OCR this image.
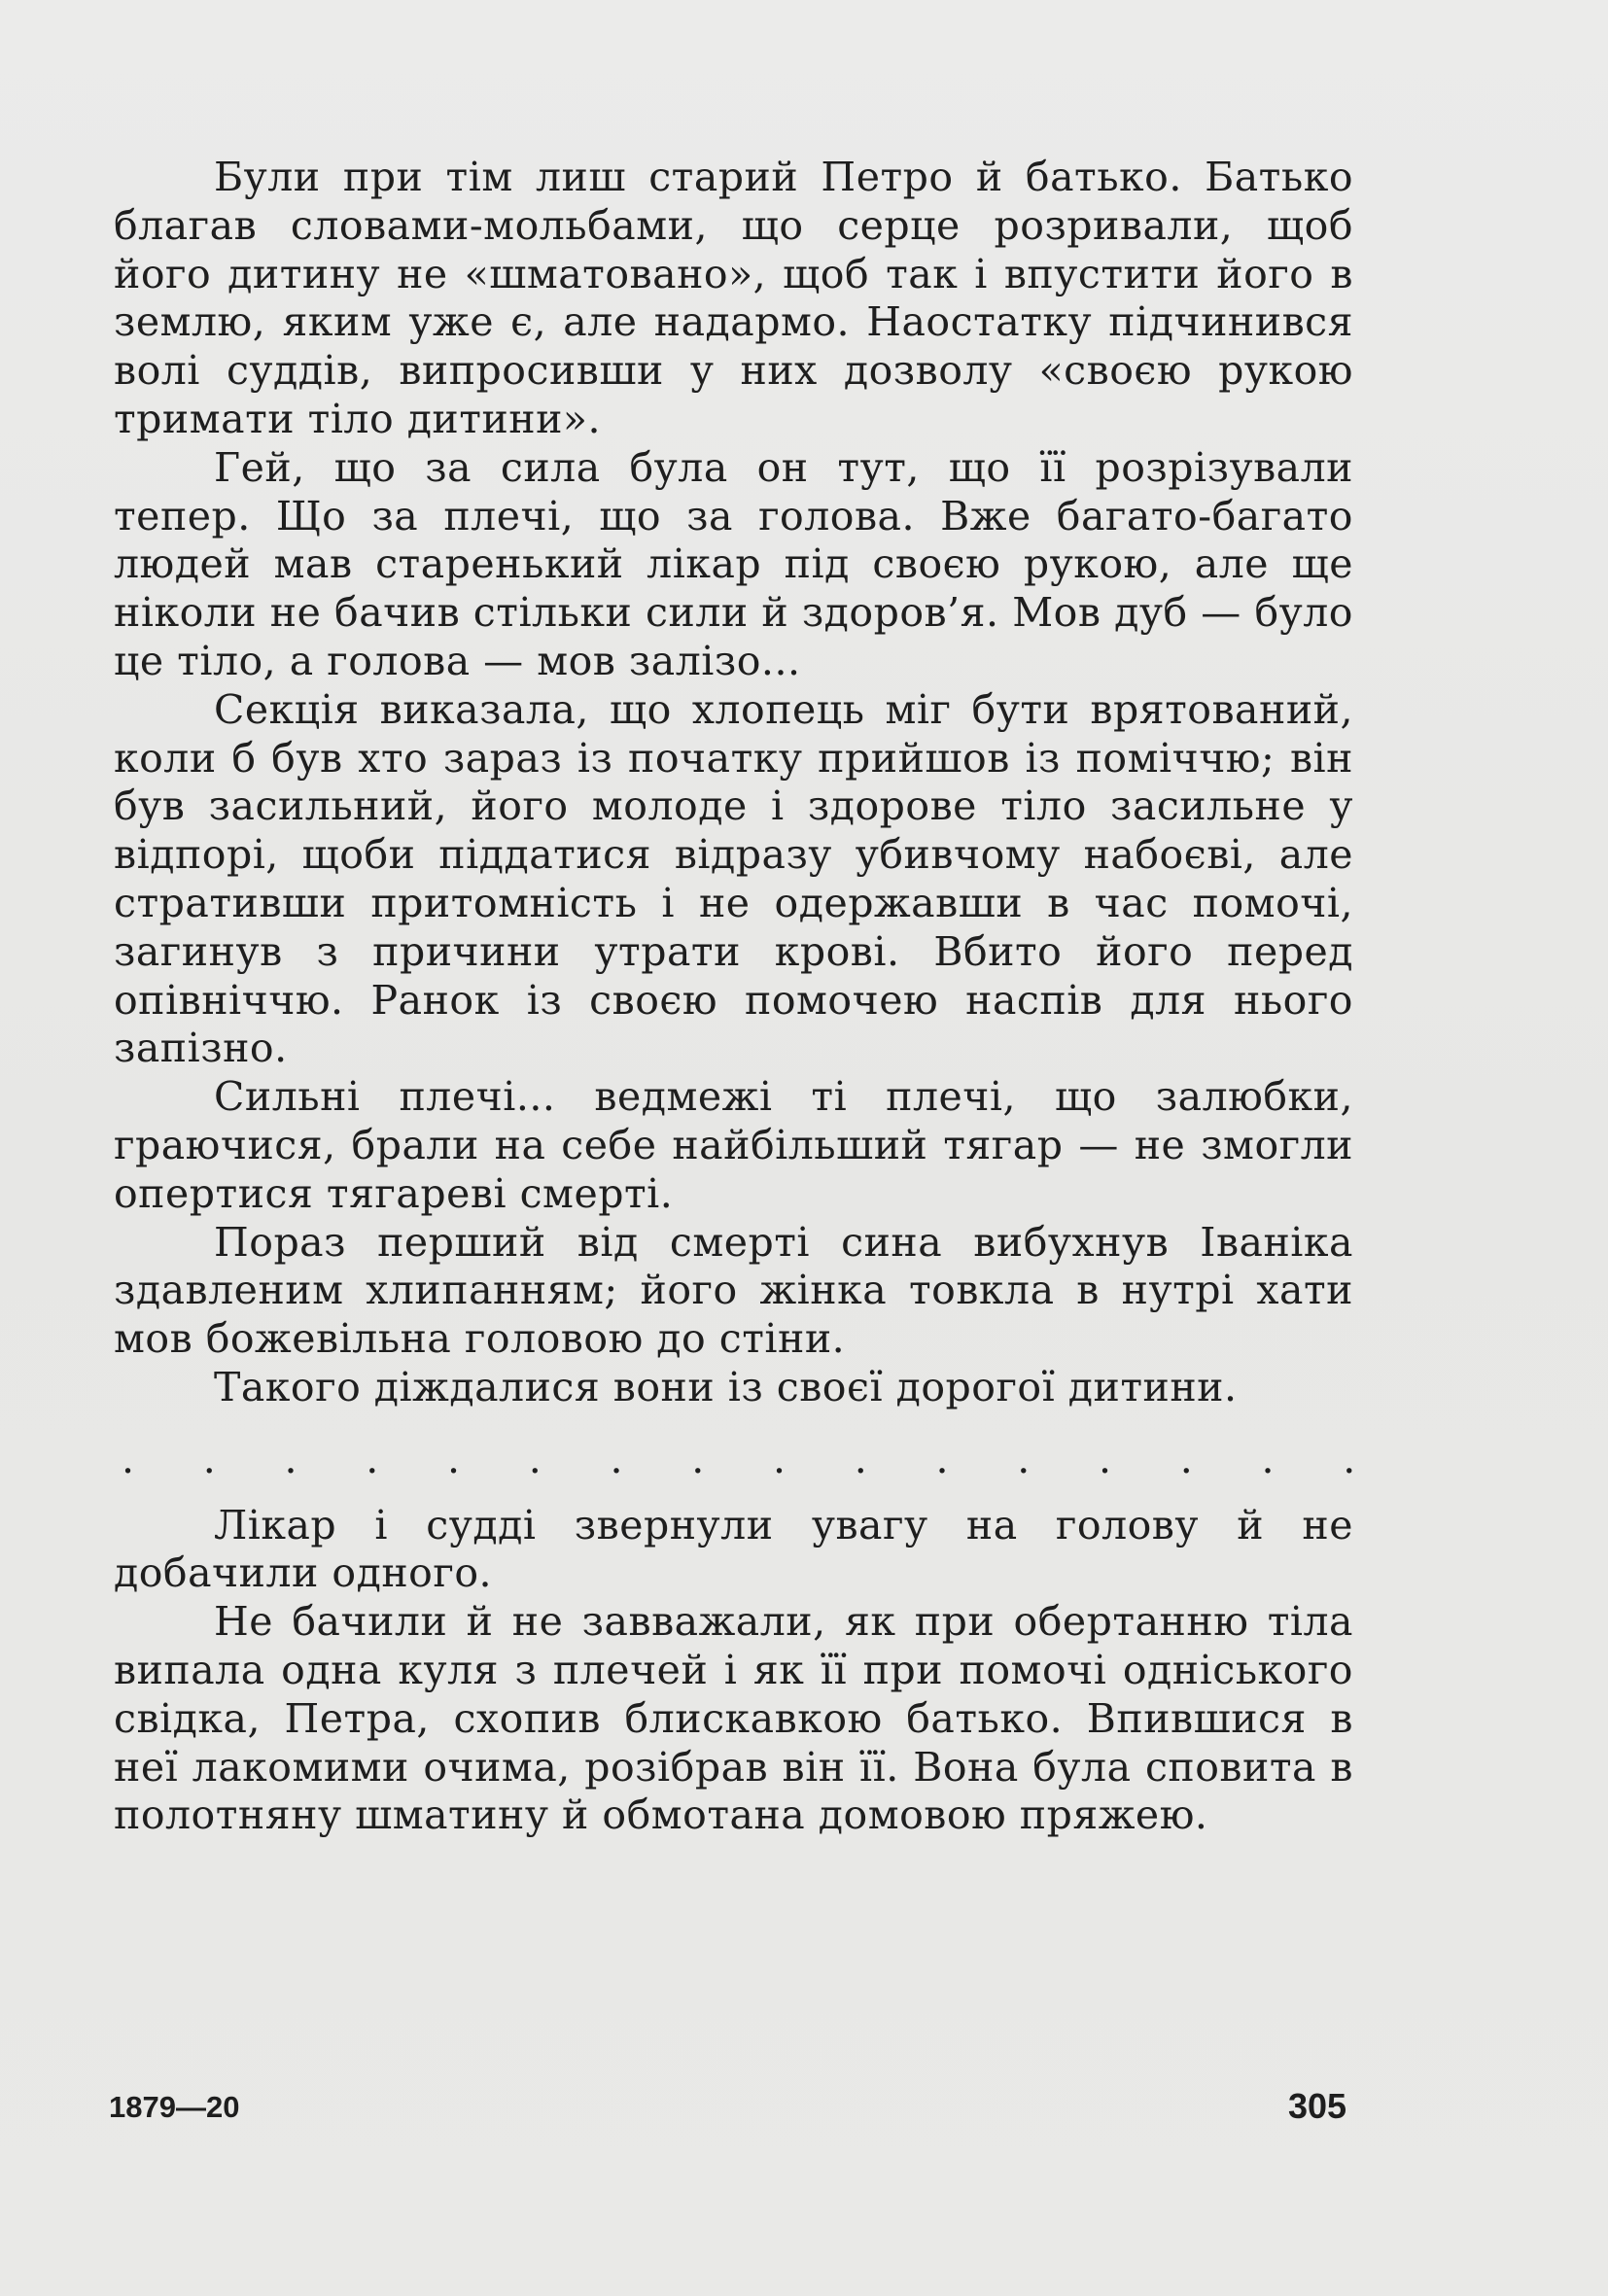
Були при тім лиш старий Петро й батько. Батько благав словами-мольбами, що серце розривали, щоб його дитину не «шматовано», щоб так і впустити його в землю, яким уже є, але надармо. Наостатку підчинився волі суддів, випросивши у них дозволу «своєю рукою тримати тіло дитини».

Гей, що за сила була он тут, що її розрізували тепер. Що за плечі, що за голова. Вже багато-багато людей мав старенький лікар під своєю рукою, але ще ніколи не бачив стільки сили й здоров’я. Мов дуб — було це тіло, а голова — мов залізо...

Секція виказала, що хлопець міг бути врятований, коли б був хто зараз із початку прийшов із поміччю; він був засильний, його молоде і здорове тіло засильне у відпорі, щоби піддатися відразу убивчому набоєві, але стративши притомність і не одержавши в час помочі, загинув з причини утрати крові. Вбито його перед опівніччю. Ранок із своєю помочею наспів для нього запізно.

Сильні плечі... ведмежі ті плечі, що залюбки, граючися, брали на себе найбільший тягар — не змогли опертися тягареві смерті.

Пораз перший від смерті сина вибухнув Іваніка здавленим хлипанням; його жінка товкла в нутрі хати мов божевільна головою до стіни.

Такого діждалися вони із своєї дорогої дитини.

. . . . . . . . . . . . . . . .

Лікар і судді звернули увагу на голову й не добачили одного.

Не бачили й не завважали, як при обертанню тіла випала одна куля з плечей і як її при помочі одніського свідка, Петра, схопив блискавкою батько. Впившися в неї лакомими очима, розібрав він її. Вона була сповита в полотняну шматину й обмотана домовою пряжею.

1879—20	305
